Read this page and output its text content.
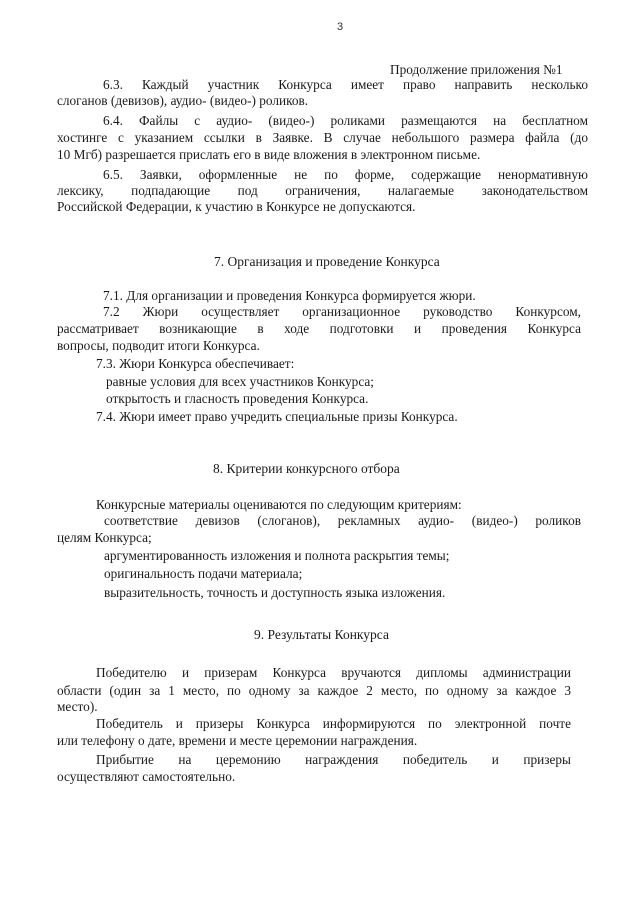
3
Продолжение приложения №1
6.3. Каждый участник Конкурса имеет право направить несколько
слоганов (девизов), аудио- (видео-) роликов.
6.4. Файлы с аудио- (видео-) роликами размещаются на бесплатном
хостинге с указанием ссылки в Заявке. В случае небольшого размера файла (до
10 Мгб) разрешается прислать его в виде вложения в электронном письме.
6.5. Заявки, оформленные не по форме, содержащие ненормативную
лексику, подпадающие под ограничения, налагаемые законодательством
Российской Федерации, к участию в Конкурсе не допускаются.
7. Организация и проведение Конкурса
7.1. Для организации и проведения Конкурса формируется жюри.
7.2 Жюри осуществляет организационное руководство Конкурсом,
рассматривает возникающие в ходе подготовки и проведения Конкурса
вопросы, подводит итоги Конкурса.
7.3. Жюри Конкурса обеспечивает:
равные условия для всех участников Конкурса;
открытость и гласность проведения Конкурса.
7.4. Жюри имеет право учредить специальные призы Конкурса.
8. Критерии конкурсного отбора
Конкурсные материалы оцениваются по следующим критериям:
соответствие девизов (слоганов), рекламных аудио- (видео-) роликов
целям Конкурса;
аргументированность изложения и полнота раскрытия темы;
оригинальность подачи материала;
выразительность, точность и доступность языка изложения.
9. Результаты Конкурса
Победителю и призерам Конкурса вручаются дипломы администрации
области (один за 1 место, по одному за каждое 2 место, по одному за каждое 3
место).
Победитель и призеры Конкурса информируются по электронной почте
или телефону о дате, времени и месте церемонии награждения.
Прибытие на церемонию награждения победитель и призеры
осуществляют самостоятельно.
